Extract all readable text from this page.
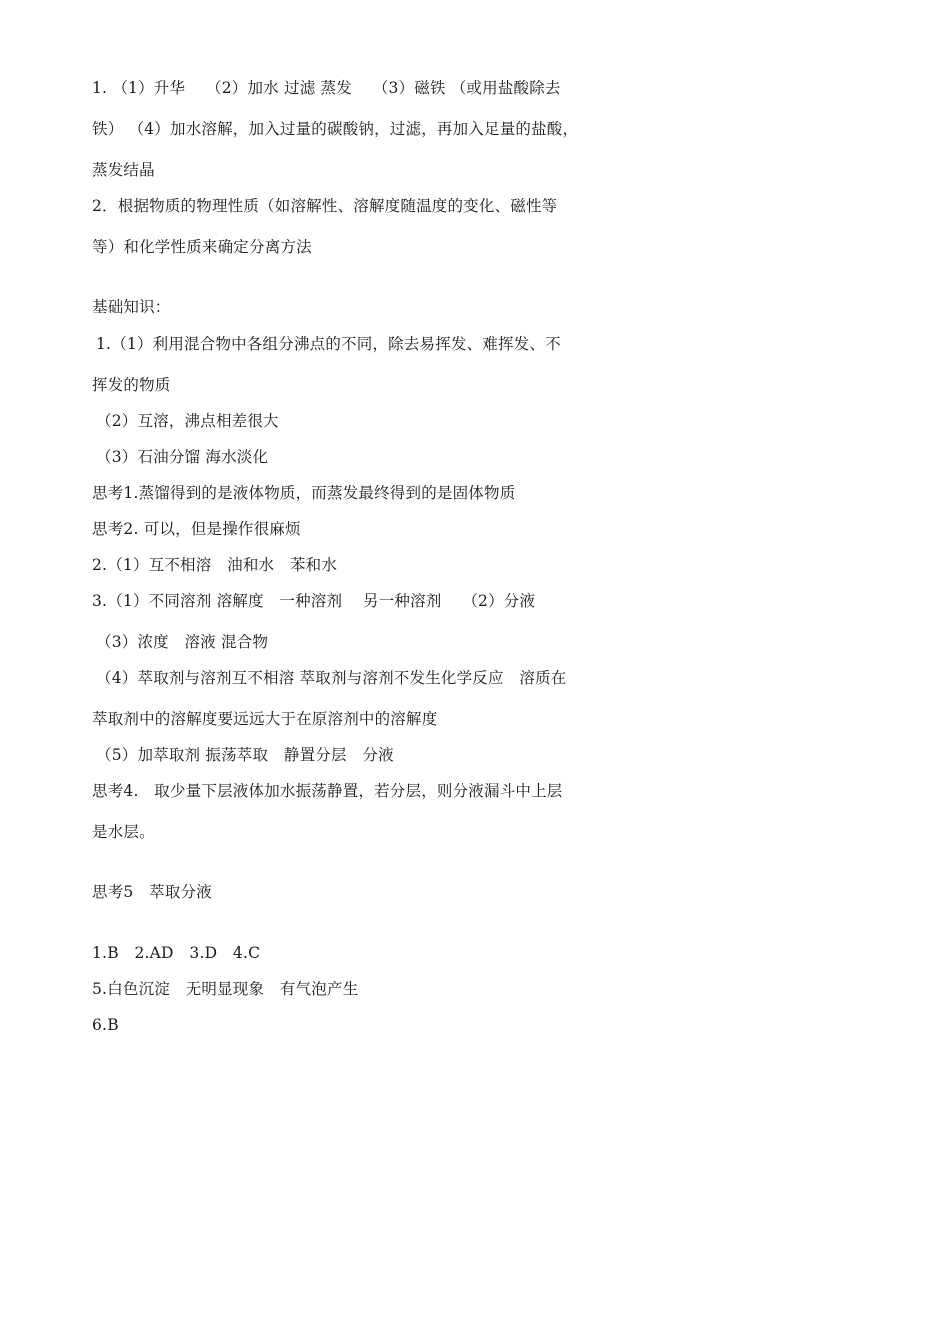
1. （1）升华　 （2）加水 过滤 蒸发　 （3）磁铁 （或用盐酸除去
铁） （4）加水溶解，加入过量的碳酸钠，过滤，再加入足量的盐酸，
蒸发结晶
2．根据物质的物理性质（如溶解性、溶解度随温度的变化、磁性等
等）和化学性质来确定分离方法
基础知识：
1.（1）利用混合物中各组分沸点的不同，除去易挥发、难挥发、不
挥发的物质
（2）互溶，沸点相差很大
（3）石油分馏 海水淡化
思考1.蒸馏得到的是液体物质，而蒸发最终得到的是固体物质
思考2. 可以，但是操作很麻烦
2.（1）互不相溶　油和水　苯和水
3.（1）不同溶剂 溶解度　一种溶剂　 另一种溶剂　 （2）分液
（3）浓度　溶液 混合物
（4）萃取剂与溶剂互不相溶 萃取剂与溶剂不发生化学反应　溶质在
萃取剂中的溶解度要远远大于在原溶剂中的溶解度
（5）加萃取剂 振荡萃取　静置分层　分液
思考4.　取少量下层液体加水振荡静置，若分层，则分液漏斗中上层
是水层。
思考5　萃取分液
1.B　2.AD　3.D　4.C
5.白色沉淀　无明显现象　有气泡产生
6.B
